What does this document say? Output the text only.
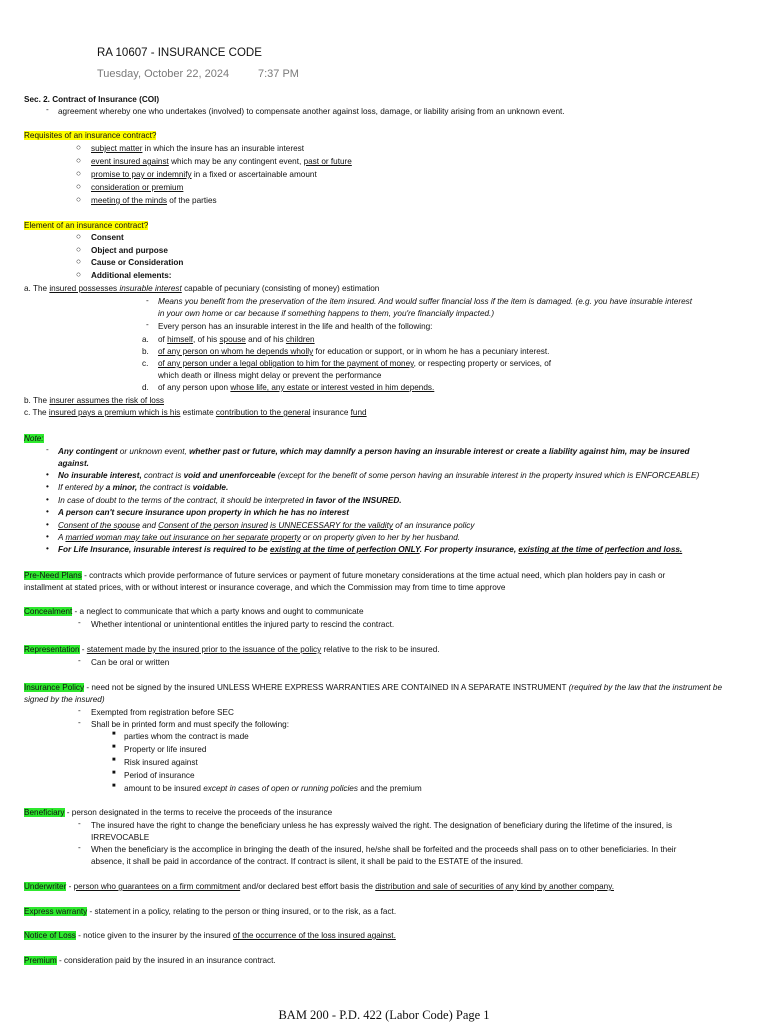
RA 10607 - INSURANCE CODE
Tuesday, October 22, 2024	7:37 PM
Sec. 2. Contract of Insurance (COI)
- agreement whereby one who undertakes (involved) to compensate another against loss, damage, or liability arising from an unknown event.
Requisites of an insurance contract?
○ subject matter in which the insure has an insurable interest
○ event insured against which may be any contingent event, past or future
○ promise to pay or indemnify in a fixed or ascertainable amount
○ consideration or premium
○ meeting of the minds of the parties
Element of an insurance contract?
○ Consent
○ Object and purpose
○ Cause or Consideration
○ Additional elements:
a. The insured possesses insurable interest capable of pecuniary (consisting of money) estimation
- Means you benefit from the preservation of the item insured. And would suffer financial loss if the item is damaged. (e.g. you have insurable interest
in your own home or car because if something happens to them, you're financially impacted.)
- Every person has an insurable interest in the life and health of the following:
a. of himself, of his spouse and of his children
b. of any person on whom he depends wholly for education or support, or in whom he has a pecuniary interest.
c. of any person under a legal obligation to him for the payment of money, or respecting property or services, of
which death or illness might delay or prevent the performance
d. of any person upon whose life, any estate or interest vested in him depends.
b. The insurer assumes the risk of loss
c. The insured pays a premium which is his estimate contribution to the general insurance fund
Note:
- Any contingent or unknown event, whether past or future, which may damnify a person having an insurable interest or create a liability against him, may be insured
against.
• No insurable interest, contract is void and unenforceable (except for the benefit of some person having an insurable interest in the property insured which is ENFORCEABLE)
• If entered by a minor, the contract is voidable.
• In case of doubt to the terms of the contract, it should be interpreted in favor of the INSURED.
• A person can't secure insurance upon property in which he has no interest
• Consent of the spouse and Consent of the person insured is UNNECESSARY for the validity of an insurance policy
• A married woman may take out insurance on her separate property or on property given to her by her husband.
• For Life Insurance, insurable interest is required to be existing at the time of perfection ONLY. For property insurance, existing at the time of perfection and loss.
Pre-Need Plans - contracts which provide performance of future services or payment of future monetary considerations at the time actual need, which plan holders pay in cash or
installment at stated prices, with or without interest or insurance coverage, and which the Commission may from time to time approve
Concealment - a neglect to communicate that which a party knows and ought to communicate
- Whether intentional or unintentional entitles the injured party to rescind the contract.
Representation - statement made by the insured prior to the issuance of the policy relative to the risk to be insured.
- Can be oral or written
Insurance Policy - need not be signed by the insured UNLESS WHERE EXPRESS WARRANTIES ARE CONTAINED IN A SEPARATE INSTRUMENT (required by the law that the instrument be
signed by the insured)
- Exempted from registration before SEC
- Shall be in printed form and must specify the following:
■ parties whom the contract is made
■ Property or life insured
■ Risk insured against
■ Period of insurance
■ amount to be insured except in cases of open or running policies and the premium
Beneficiary - person designated in the terms to receive the proceeds of the insurance
- The insured have the right to change the beneficiary unless he has expressly waived the right. The designation of beneficiary during the lifetime of the insured, is
IRREVOCABLE
- When the beneficiary is the accomplice in bringing the death of the insured, he/she shall be forfeited and the proceeds shall pass on to other beneficiaries. In their
absence, it shall be paid in accordance of the contract. If contract is silent, it shall be paid to the ESTATE of the insured.
Underwriter - person who guarantees on a firm commitment and/or declared best effort basis the distribution and sale of securities of any kind by another company.
Express warranty - statement in a policy, relating to the person or thing insured, or to the risk, as a fact.
Notice of Loss - notice given to the insurer by the insured of the occurrence of the loss insured against.
Premium - consideration paid by the insured in an insurance contract.
BAM 200 - P.D. 422 (Labor Code) Page 1
